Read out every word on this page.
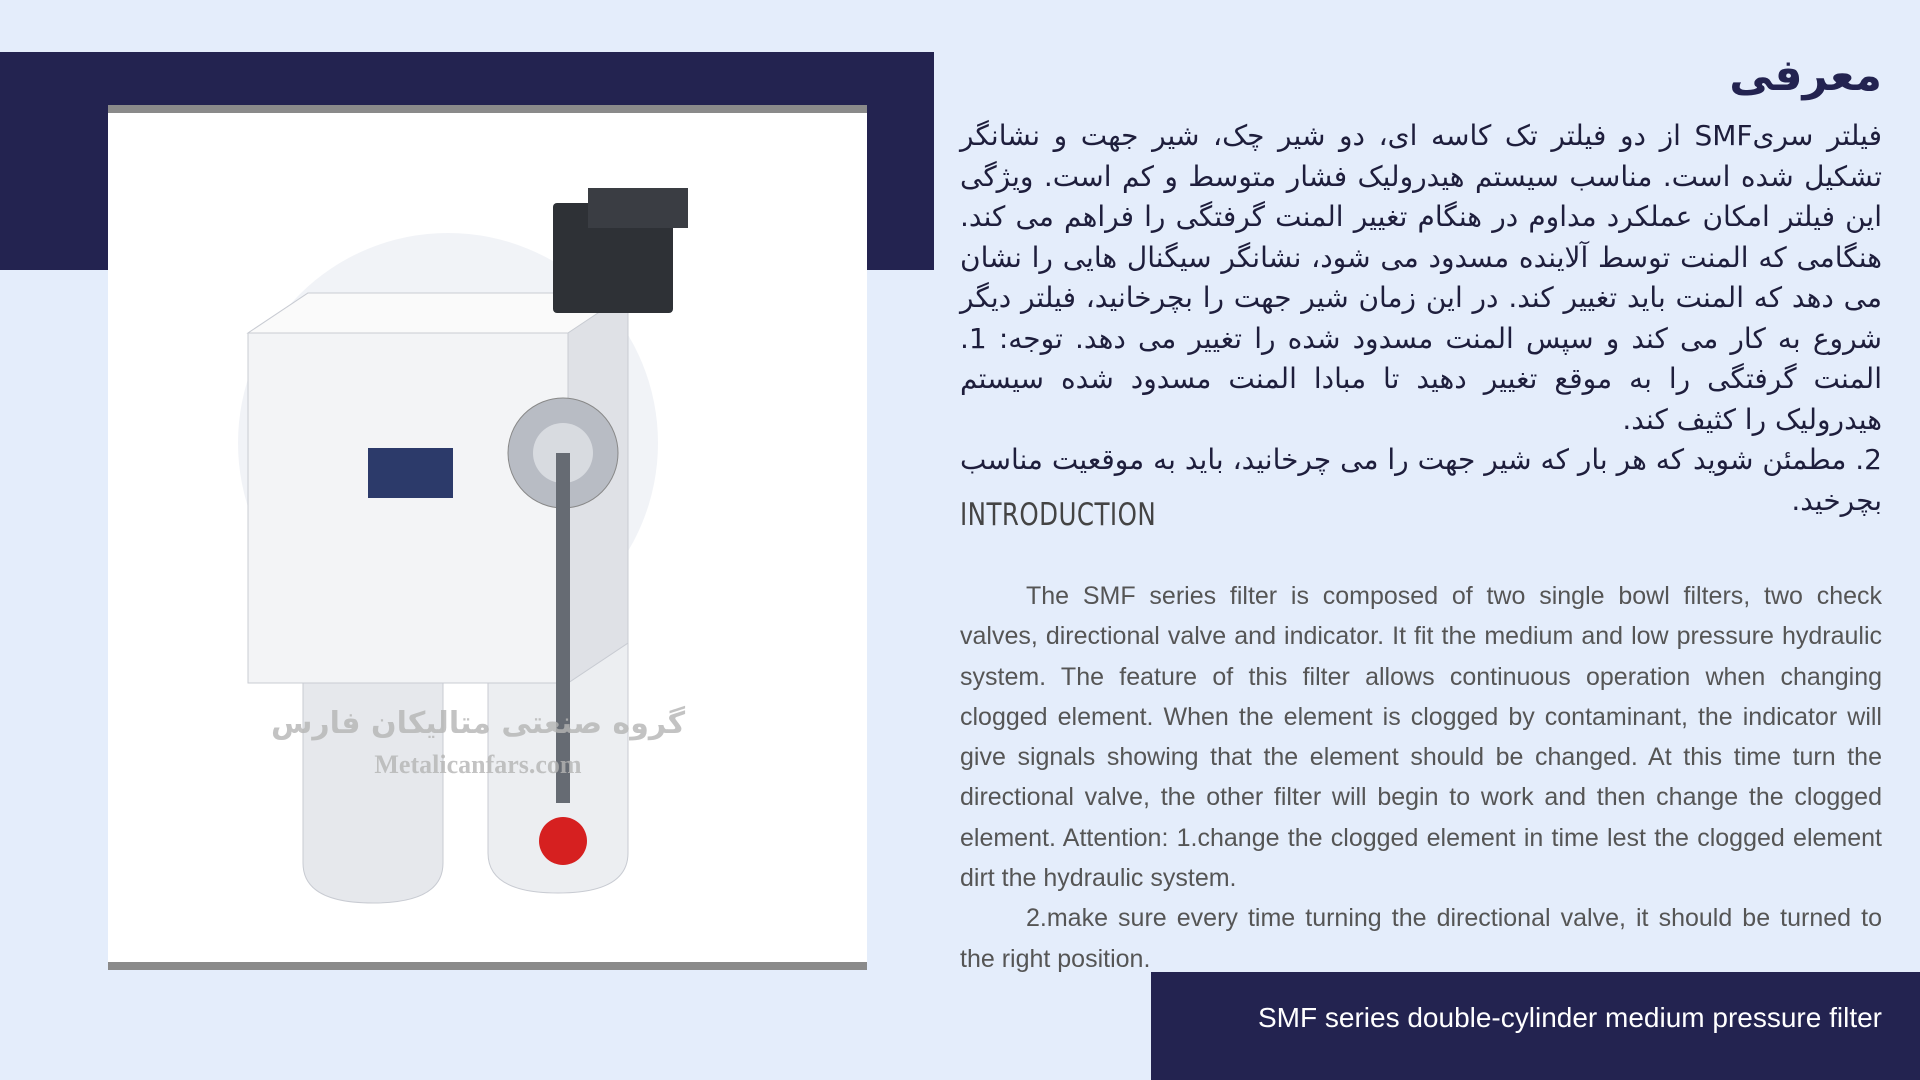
گروه صنعتی متالیکان فارس
Metalicanfars.com
معرفی
فیلتر سریSMF از دو فیلتر تک کاسه ای، دو شیر چک، شیر جهت و نشانگر تشکیل شده است. مناسب سیستم هیدرولیک فشار متوسط و کم است. ویژگی این فیلتر امکان عملکرد مداوم در هنگام تغییر المنت گرفتگی را فراهم می کند. هنگامی که المنت توسط آلاینده مسدود می شود، نشانگر سیگنال هایی را نشان می دهد که المنت باید تغییر کند. در این زمان شیر جهت را بچرخانید، فیلتر دیگر شروع به کار می کند و سپس المنت مسدود شده را تغییر می دهد. توجه: 1. المنت گرفتگی را به موقع تغییر دهید تا مبادا المنت مسدود شده سیستم هیدرولیک را کثیف کند.
2. مطمئن شوید که هر بار که شیر جهت را می چرخانید، باید به موقعیت مناسب بچرخید.
INTRODUCTION

The SMF series filter is composed of two single bowl filters, two check valves, directional valve and indicator. It fit the medium and low pressure hydraulic system. The feature of this filter allows continuous operation when changing clogged element. When the element is clogged by contaminant, the indicator will give signals showing that the element should be changed. At this time turn the directional valve, the other filter will begin to work and then change the clogged element. Attention: 1.change the clogged element in time lest the clogged element dirt the hydraulic system.

2.make sure every time turning the directional valve, it should be turned to the right position.

SMF series double-cylinder medium pressure filter
